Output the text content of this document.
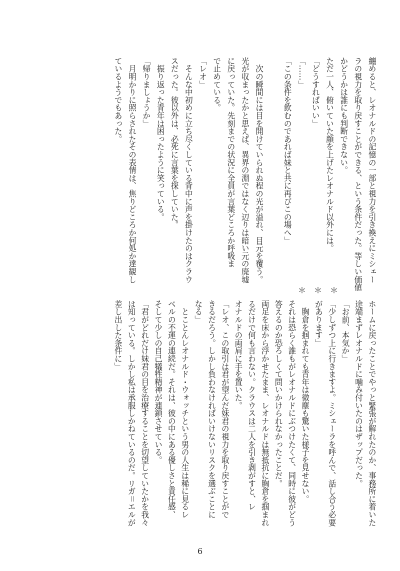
纏めると、レオナルドの記憶の一部と視力を引き換えにミシェー
ラの視力を取り戻すことができる、という条件だった。等しい価値
かどうかは誰にも判断できない。
ただ一人、俯いていた顔を上げたレオナルド以外には。
「どうすればいい」
「……」
「この条件を飲むのであれば妹と共に再びこの場へ」
　次の瞬間には目を開けていられぬ程の光が溢れ、目元を覆う。
光が収まったかと思えば、異界の淵ではなく辺りは暗い元の廃墟
に戻っていた。先刻までの状況に全員が言葉どころか呼吸ま
で止めている。
「レオ」
　そんな中初めに立ち尽くしている背中に声を掛けたのはクラウ
スだった。彼以外は、必死に言葉を探していた。
　振り返った青年は困ったように笑っている。
「帰りましょうか」
　月明かりに照らされたその表情は、焦りどころか何処か達観し
ているようでもあった。
＊　＊　＊
ホームに戻ったことでやっと緊張が解れたのか、事務所に着いた
途端まずレオナルドに噛み付いたのはザップだった。
「お前、本気か」
「少しずつ上に行きますよ。ミシェーラを呼んで、話し合う必要
があります」
　胸倉を掴まれても青年は微塵も驚いた様子を見せない。
それは恐らく誰もがレオナルドにぶつけたくて、同時に彼がどう
答えるのか恐ろしくて問いかけられなかったことだ。
両足を床から浮かせたまま、レオナルドは無抵抗に胸倉を掴まれ
るだけで何も言わない。クラウスは二人を引き剥がすと、レ
オナルドの両肩に手を置いた。
「レオ、この取引は君が望んだ妹君の視力を取り戻すことがで
きるだろう。しかし負わなければいけないリスクを選ぶことに
なる」
　とことんレオナルド・ウォッチという男の人生は稀に見るレ
ベルの不運の連続だ。それは、彼の中にある優しさと責任感、
そして少しの自己犠牲精神が連鎖させている。
「君がどれだけ妹君の目を治療することを切望していたかを我々
は知っている。しかし私は承服しかねているのだ。リガ＝エルが
差し出した条件に」
6
